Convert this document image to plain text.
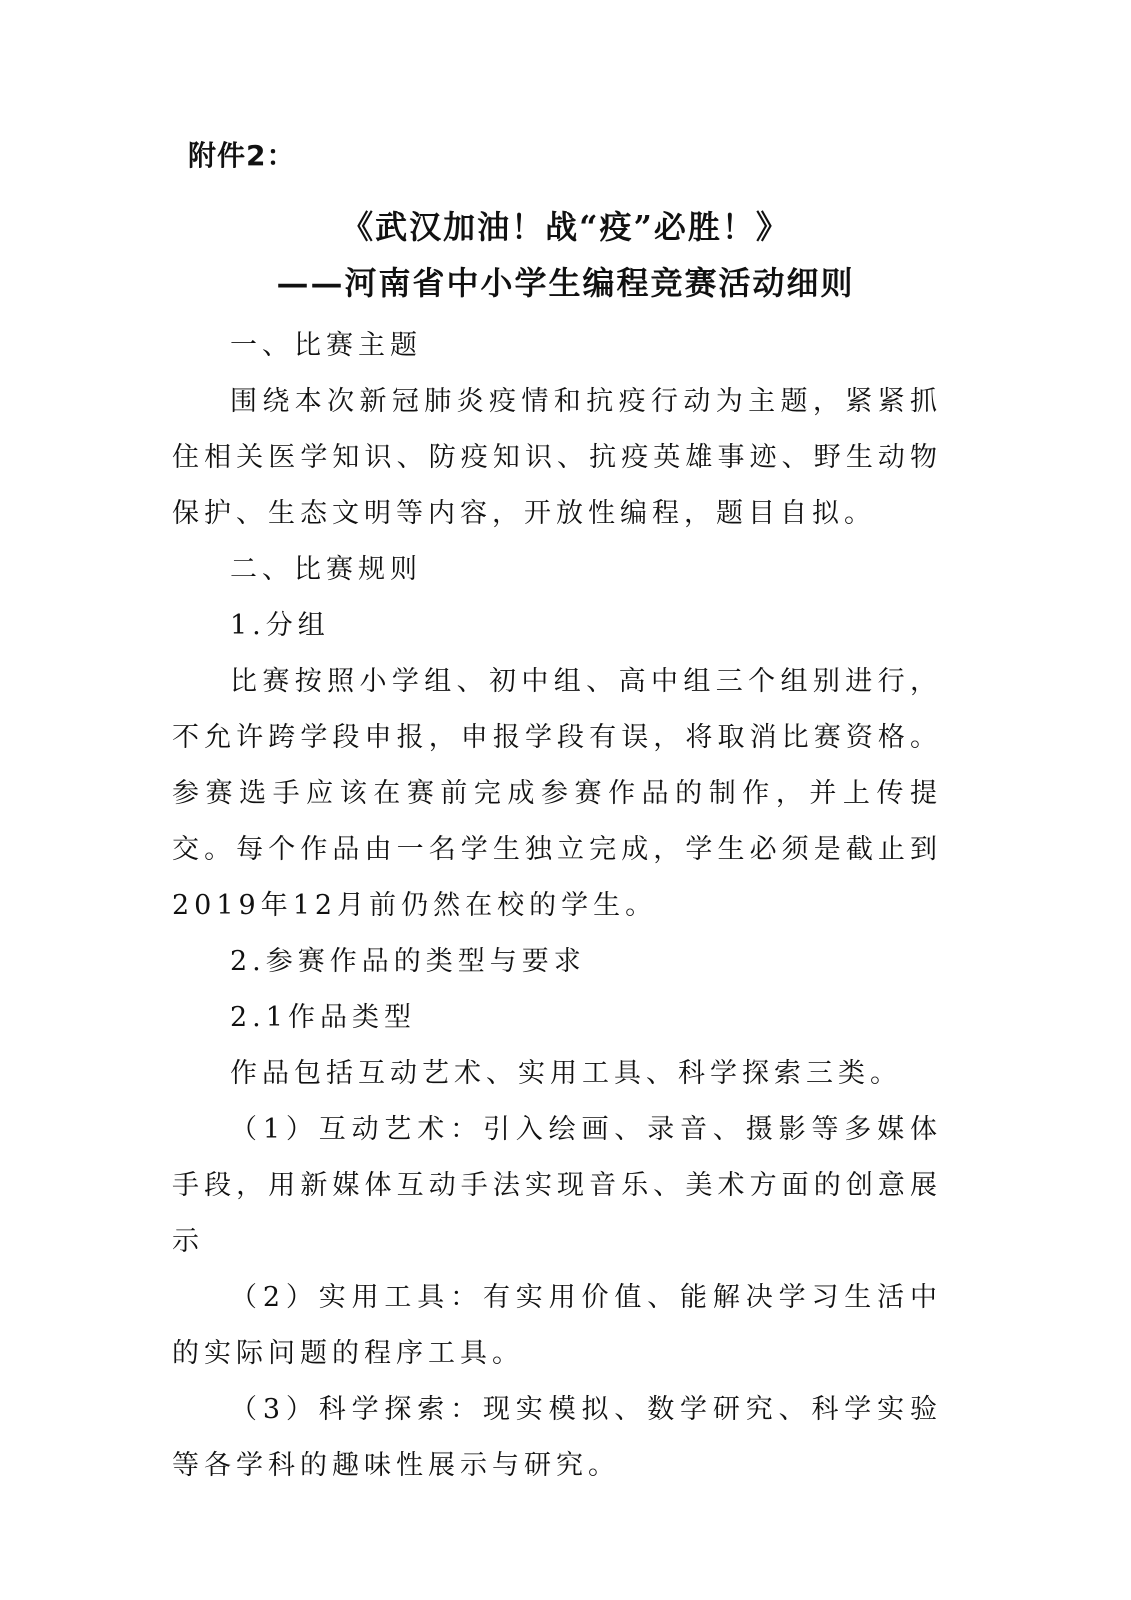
附件2：
《武汉加油！战“疫”必胜！》
——河南省中小学生编程竞赛活动细则

一、比赛主题

围绕本次新冠肺炎疫情和抗疫行动为主题，紧紧抓住相关医学知识、防疫知识、抗疫英雄事迹、野生动物保护、生态文明等内容，开放性编程，题目自拟。

二、比赛规则

1.分组

比赛按照小学组、初中组、高中组三个组别进行，不允许跨学段申报，申报学段有误，将取消比赛资格。参赛选手应该在赛前完成参赛作品的制作，并上传提交。每个作品由一名学生独立完成，学生必须是截止到2019年12月前仍然在校的学生。

2.参赛作品的类型与要求

2.1作品类型

作品包括互动艺术、实用工具、科学探索三类。

（1）互动艺术：引入绘画、录音、摄影等多媒体手段，用新媒体互动手法实现音乐、美术方面的创意展示

（2）实用工具：有实用价值、能解决学习生活中的实际问题的程序工具。

（3）科学探索：现实模拟、数学研究、科学实验等各学科的趣味性展示与研究。
